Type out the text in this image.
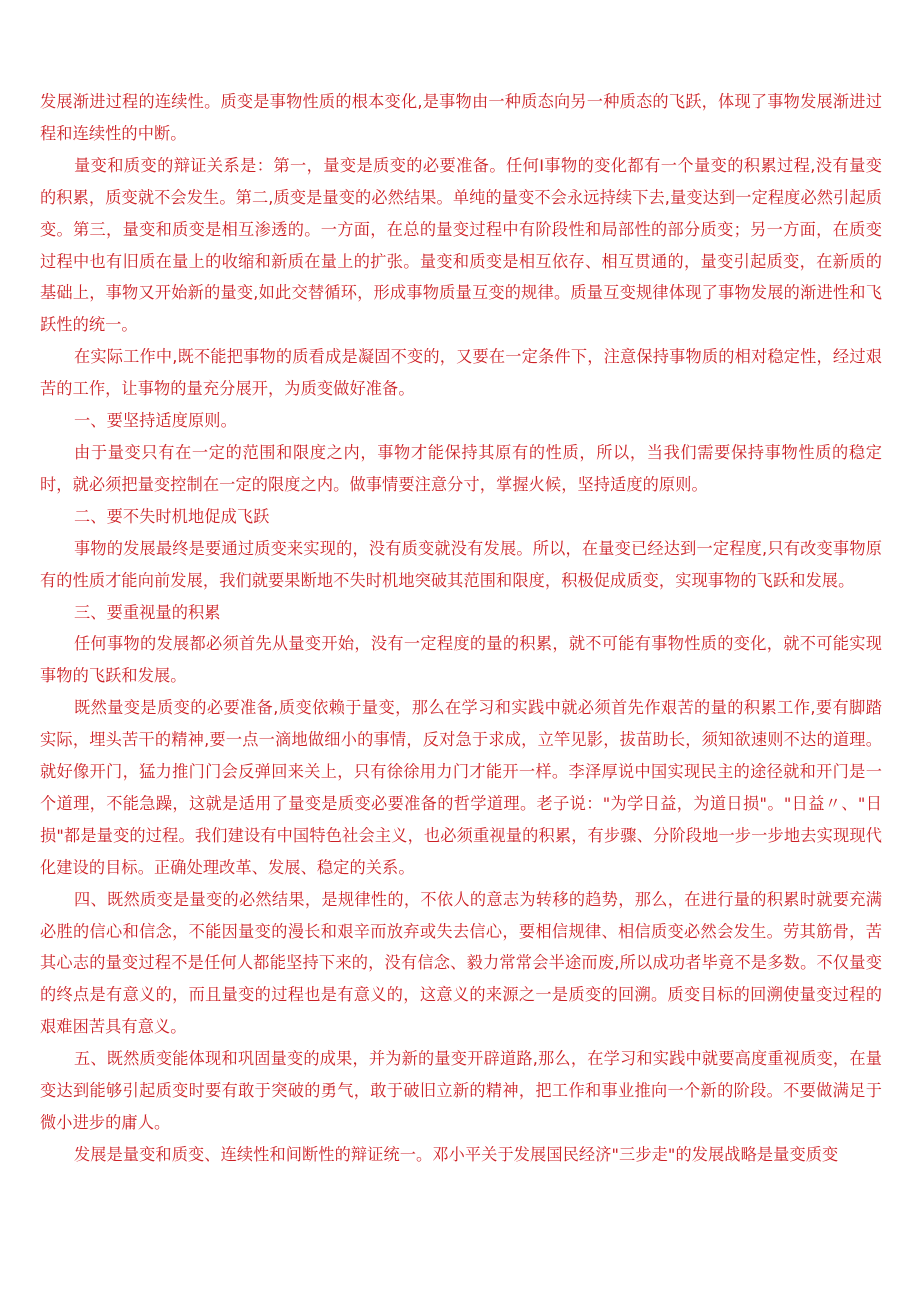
发展渐进过程的连续性。质变是事物性质的根本变化,是事物由一种质态向另一种质态的飞跃，体现了事物发展渐进过程和连续性的中断。

量变和质变的辩证关系是：第一，量变是质变的必要准备。任何I事物的变化都有一个量变的积累过程,没有量变的积累，质变就不会发生。第二,质变是量变的必然结果。单纯的量变不会永远持续下去,量变达到一定程度必然引起质变。第三，量变和质变是相互渗透的。一方面，在总的量变过程中有阶段性和局部性的部分质变；另一方面，在质变过程中也有旧质在量上的收缩和新质在量上的扩张。量变和质变是相互依存、相互贯通的，量变引起质变，在新质的基础上，事物又开始新的量变,如此交替循环，形成事物质量互变的规律。质量互变规律体现了事物发展的渐进性和飞跃性的统一。

在实际工作中,既不能把事物的质看成是凝固不变的，又要在一定条件下，注意保持事物质的相对稳定性，经过艰苦的工作，让事物的量充分展开，为质变做好准备。

一、要坚持适度原则。

由于量变只有在一定的范围和限度之内，事物才能保持其原有的性质，所以，当我们需要保持事物性质的稳定时，就必须把量变控制在一定的限度之内。做事情要注意分寸，掌握火候，坚持适度的原则。

二、要不失时机地促成飞跃

事物的发展最终是要通过质变来实现的，没有质变就没有发展。所以，在量变已经达到一定程度,只有改变事物原有的性质才能向前发展，我们就要果断地不失时机地突破其范围和限度，积极促成质变，实现事物的飞跃和发展。

三、要重视量的积累

任何事物的发展都必须首先从量变开始，没有一定程度的量的积累，就不可能有事物性质的变化，就不可能实现事物的飞跃和发展。

既然量变是质变的必要准备,质变依赖于量变，那么在学习和实践中就必须首先作艰苦的量的积累工作,要有脚踏实际，埋头苦干的精神,要一点一滴地做细小的事情，反对急于求成，立竿见影，拔苗助长，须知欲速则不达的道理。就好像开门，猛力推门门会反弹回来关上，只有徐徐用力门才能开一样。李泽厚说中国实现民主的途径就和开门是一个道理，不能急躁，这就是适用了量变是质变必要准备的哲学道理。老子说："为学日益，为道日损"。"日益〃、"日损"都是量变的过程。我们建设有中国特色社会主义，也必须重视量的积累，有步骤、分阶段地一步一步地去实现现代化建设的目标。正确处理改革、发展、稳定的关系。

四、既然质变是量变的必然结果，是规律性的，不依人的意志为转移的趋势，那么，在进行量的积累时就要充满必胜的信心和信念，不能因量变的漫长和艰辛而放弃或失去信心，要相信规律、相信质变必然会发生。劳其筋骨，苦其心志的量变过程不是任何人都能坚持下来的，没有信念、毅力常常会半途而废,所以成功者毕竟不是多数。不仅量变的终点是有意义的，而且量变的过程也是有意义的，这意义的来源之一是质变的回溯。质变目标的回溯使量变过程的艰难困苦具有意义。

五、既然质变能体现和巩固量变的成果，并为新的量变开辟道路,那么，在学习和实践中就要高度重视质变，在量变达到能够引起质变时要有敢于突破的勇气，敢于破旧立新的精神，把工作和事业推向一个新的阶段。不要做满足于微小进步的庸人。

发展是量变和质变、连续性和间断性的辩证统一。邓小平关于发展国民经济"三步走"的发展战略是量变质变
